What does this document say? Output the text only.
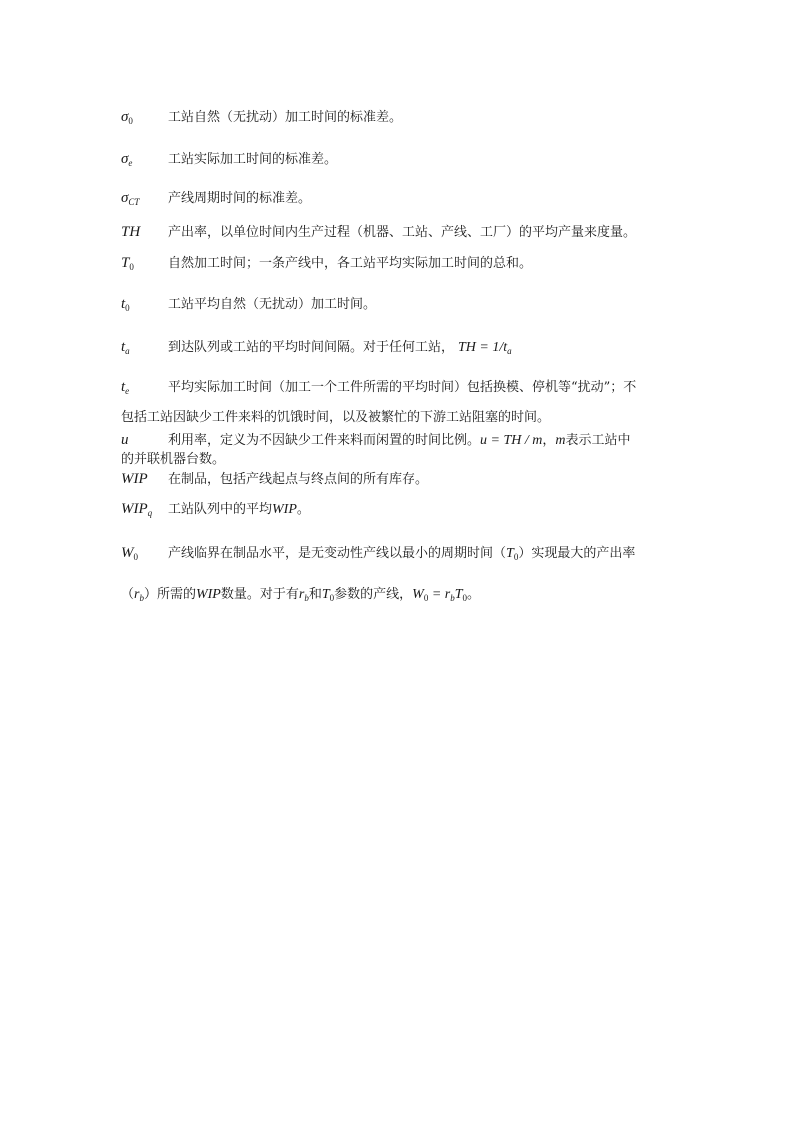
$\sigma_0$	工站自然（无扰动）加工时间的标准差。
$\sigma_e$	工站实际加工时间的标准差。
$\sigma_{CT}$ 产线周期时间的标准差。
TH 产出率，以单位时间内生产过程（机器、工站、产线、工厂）的平均产量来度量。
$T_0$	自然加工时间；一条产线中，各工站平均实际加工时间的总和。
$t_0$	工站平均自然（无扰动）加工时间。
$t_a$	到达队列或工站的平均时间间隔。对于任何工站， TH = $1/t_a$
$t_e$	平均实际加工时间（加工一个工件所需的平均时间）包括换模、停机等“扰动”；不
包括工站因缺少工件来料的饥饿时间，以及被繁忙的下游工站阻塞的时间。
u	利用率，定义为不因缺少工件来料而闲置的时间比例。u = TH / m，m表示工站中
的并联机器台数。
WIP 在制品，包括产线起点与终点间的所有库存。
$WIP_q$ 工站队列中的平均WIP。
$W_0$ 产线临界在制品水平，是无变动性产线以最小的周期时间$(T_0)$实现最大的产出率
$(r_b)$所需的WIP数量。对于有$r_b$和$T_0$参数的产线，$W_0 = r_bT_0$。
